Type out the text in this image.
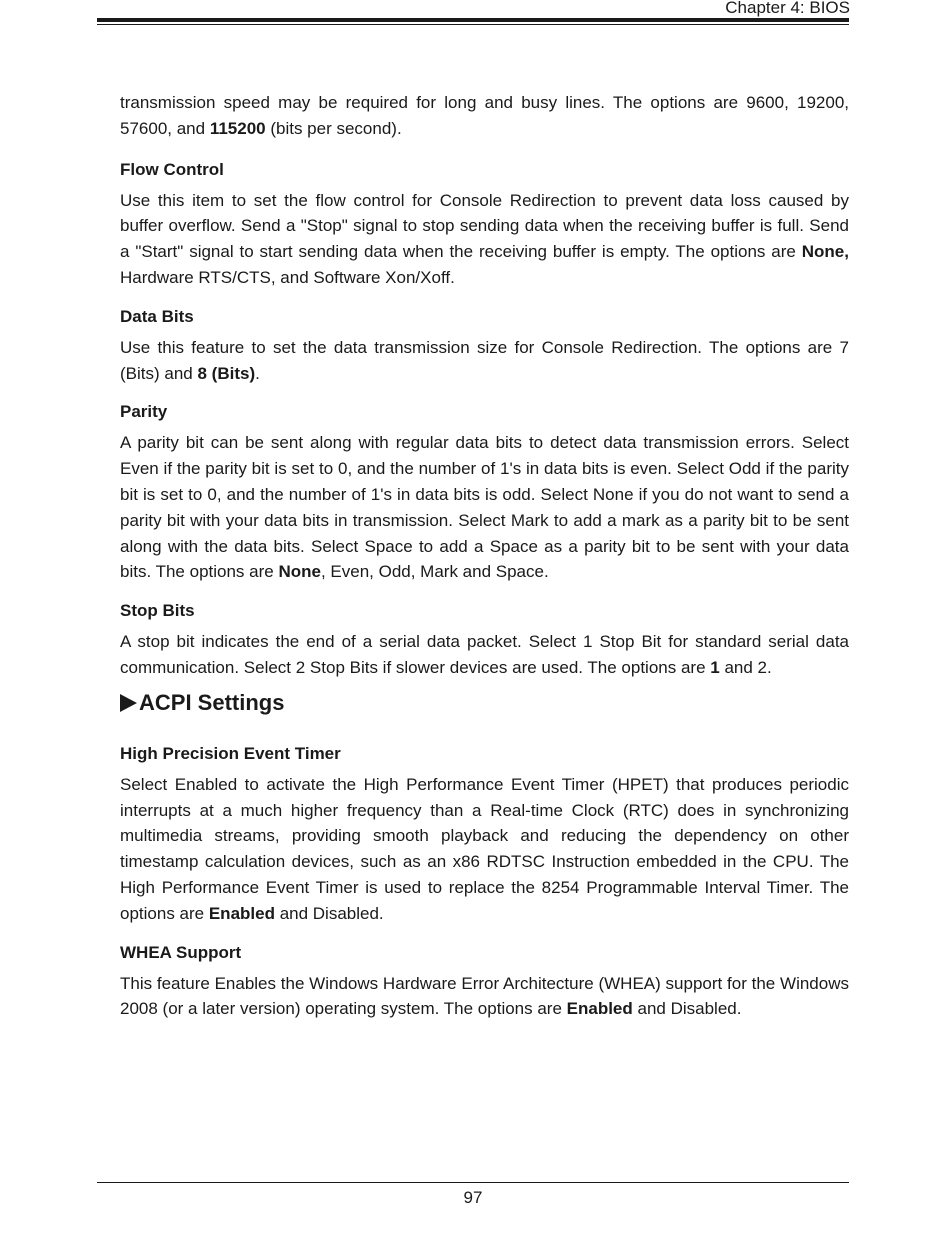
Chapter 4: BIOS

transmission speed may be required for long and busy lines. The options are 9600, 19200, 57600, and 115200 (bits per second).

Flow Control

Use this item to set the flow control for Console Redirection to prevent data loss caused by buffer overflow. Send a "Stop" signal to stop sending data when the receiving buffer is full. Send a "Start" signal to start sending data when the receiving buffer is empty. The options are None, Hardware RTS/CTS, and Software Xon/Xoff.

Data Bits

Use this feature to set the data transmission size for Console Redirection. The options are 7 (Bits) and 8 (Bits).

Parity

A parity bit can be sent along with regular data bits to detect data transmission errors. Select Even if the parity bit is set to 0, and the number of 1's in data bits is even. Select Odd if the parity bit is set to 0, and the number of 1's in data bits is odd. Select None if you do not want to send a parity bit with your data bits in transmission. Select Mark to add a mark as a parity bit to be sent along with the data bits. Select Space to add a Space as a parity bit to be sent with your data bits. The options are None, Even, Odd, Mark and Space.

Stop Bits

A stop bit indicates the end of a serial data packet. Select 1 Stop Bit for standard serial data communication. Select 2 Stop Bits if slower devices are used. The options are 1 and 2.

ACPI Settings
High Precision Event Timer

Select Enabled to activate the High Performance Event Timer (HPET) that produces periodic interrupts at a much higher frequency than a Real-time Clock (RTC) does in synchronizing multimedia streams, providing smooth playback and reducing the dependency on other timestamp calculation devices, such as an x86 RDTSC Instruction embedded in the CPU. The High Performance Event Timer is used to replace the 8254 Programmable Interval Timer. The options are Enabled and Disabled.

WHEA Support

This feature Enables the Windows Hardware Error Architecture (WHEA) support for the Windows 2008 (or a later version) operating system. The options are Enabled and Disabled.

97
